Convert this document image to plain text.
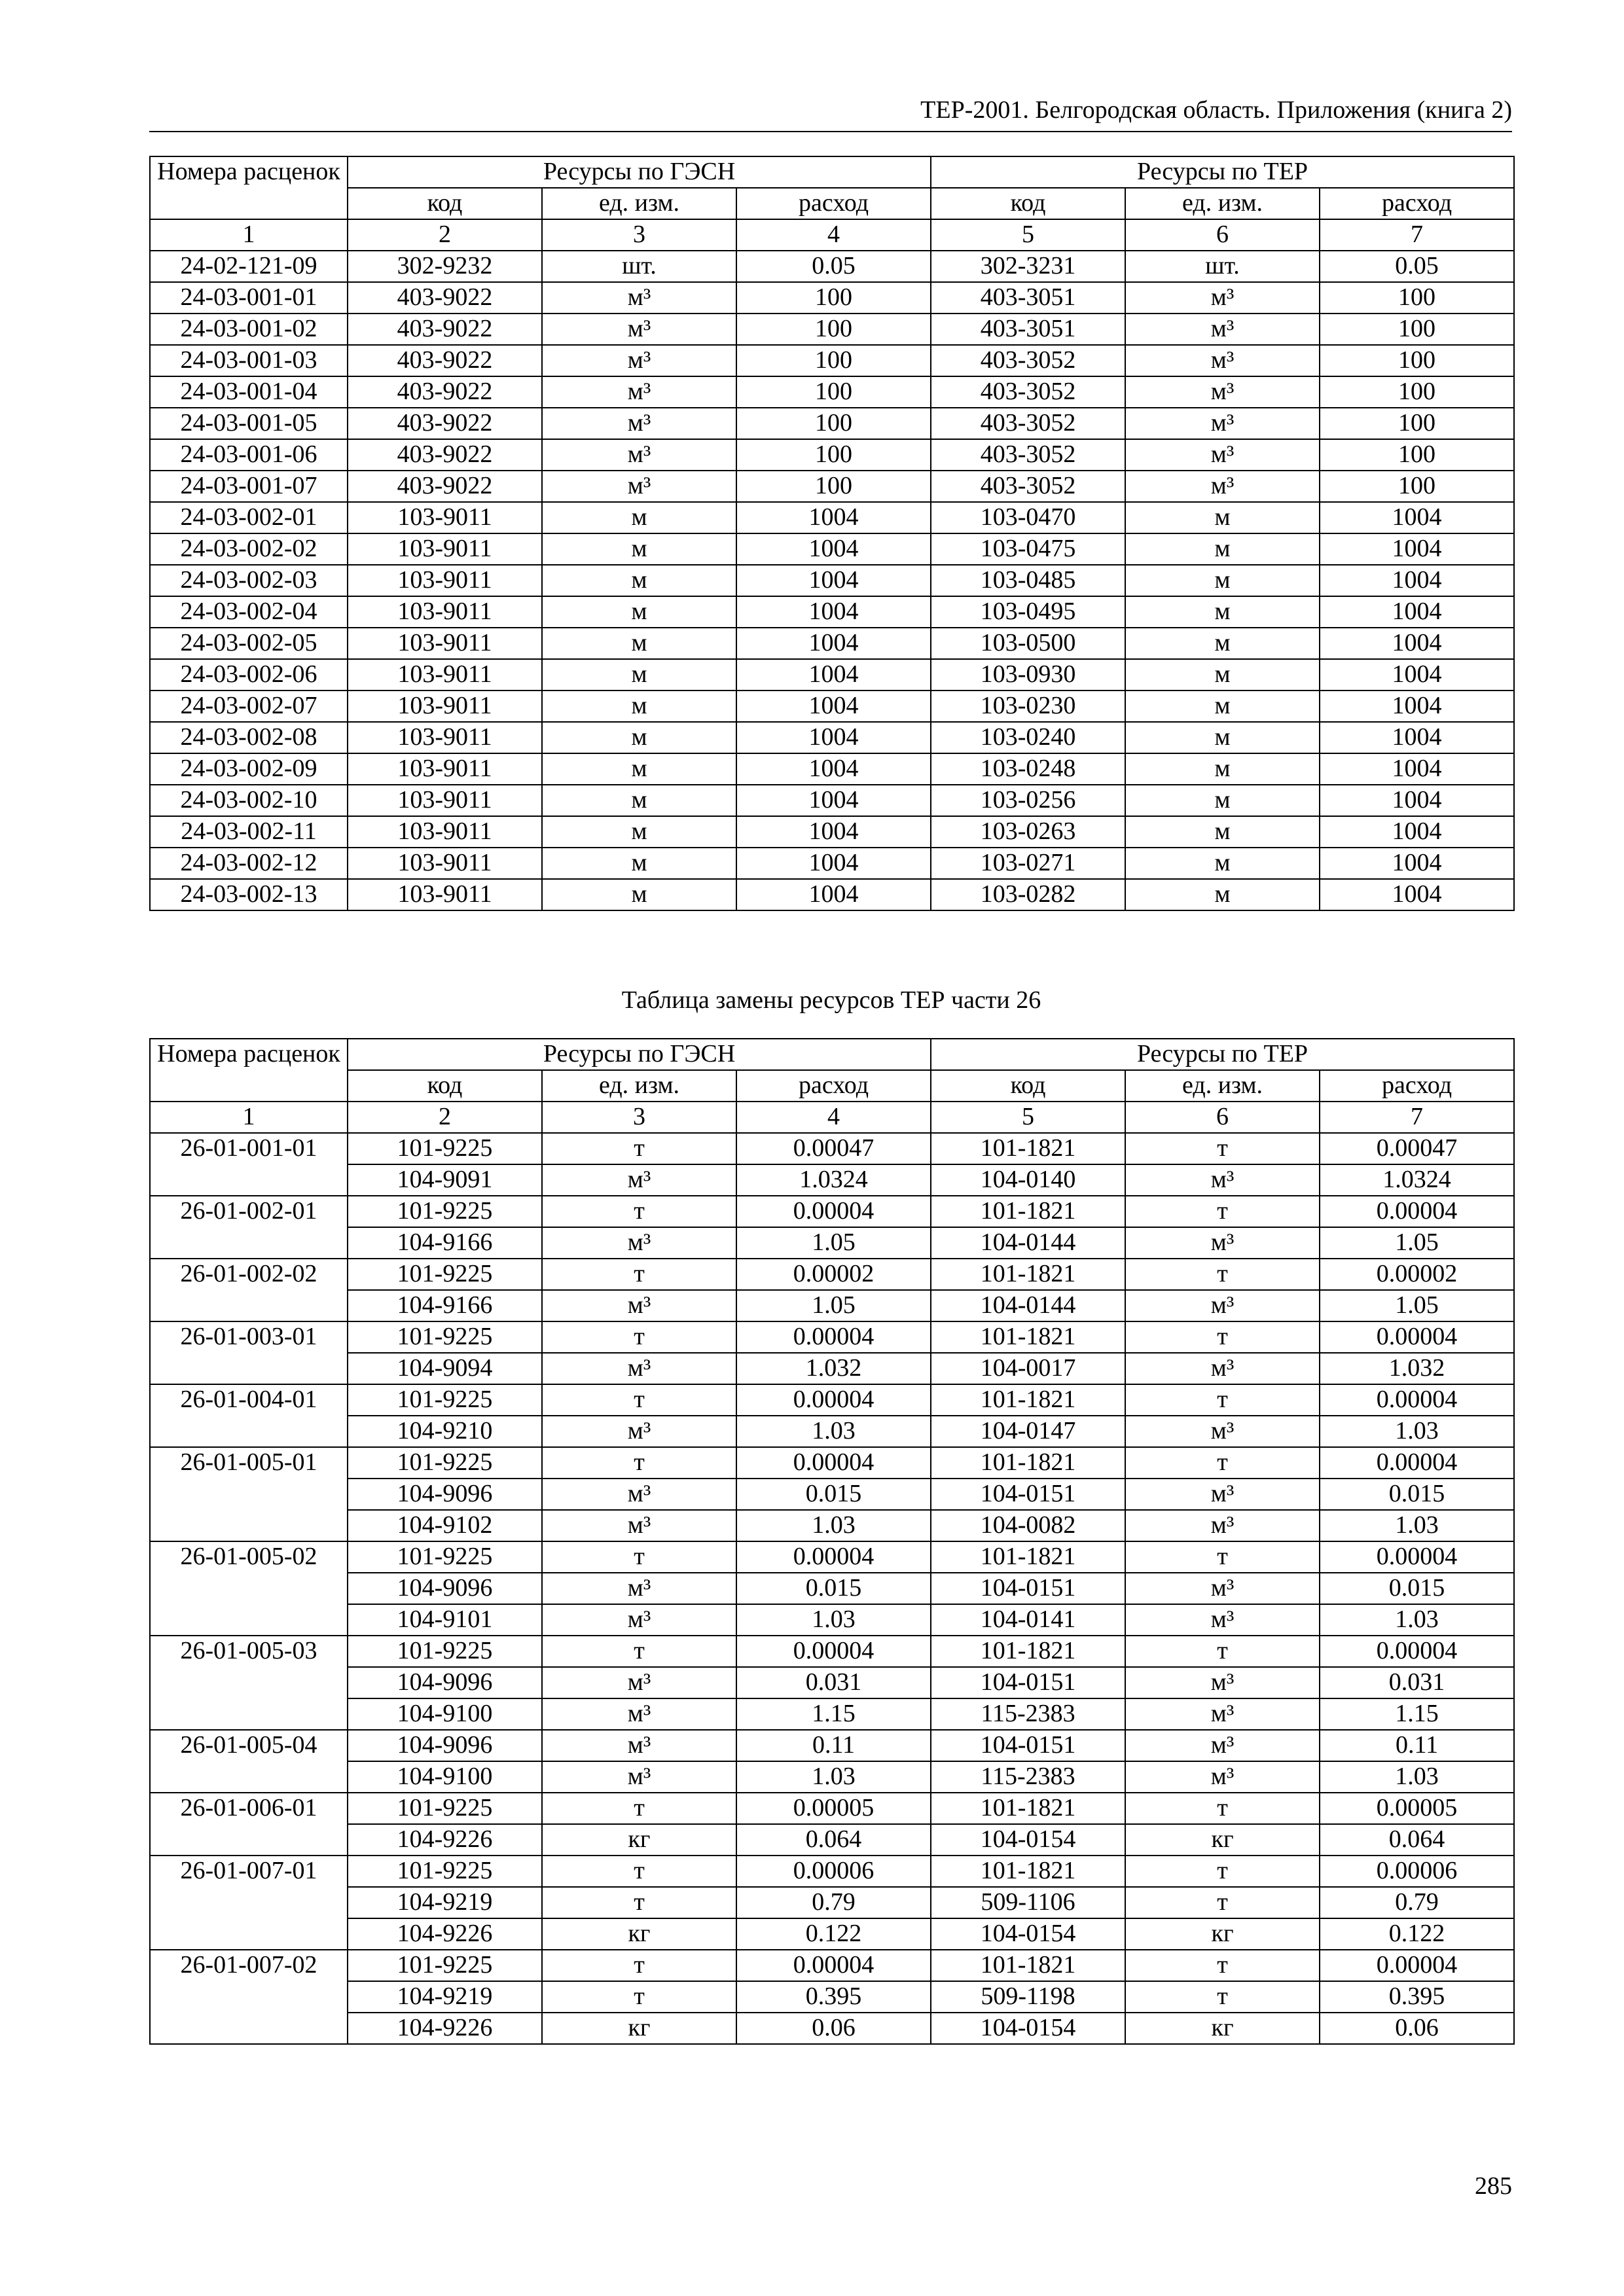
ТЕР-2001. Белгородская область. Приложения (книга 2)
Номера расценок	Ресурсы по ГЭСН			Ресурсы по ТЕР		
	код	ед. изм.	расход	код	ед. изм.	расход
1	2	3	4	5	6	7
24-02-121-09	302-9232	шт.	0.05	302-3231	шт.	0.05
24-03-001-01	403-9022	м³	100	403-3051	м³	100
24-03-001-02	403-9022	м³	100	403-3051	м³	100
24-03-001-03	403-9022	м³	100	403-3052	м³	100
24-03-001-04	403-9022	м³	100	403-3052	м³	100
24-03-001-05	403-9022	м³	100	403-3052	м³	100
24-03-001-06	403-9022	м³	100	403-3052	м³	100
24-03-001-07	403-9022	м³	100	403-3052	м³	100
24-03-002-01	103-9011	м	1004	103-0470	м	1004
24-03-002-02	103-9011	м	1004	103-0475	м	1004
24-03-002-03	103-9011	м	1004	103-0485	м	1004
24-03-002-04	103-9011	м	1004	103-0495	м	1004
24-03-002-05	103-9011	м	1004	103-0500	м	1004
24-03-002-06	103-9011	м	1004	103-0930	м	1004
24-03-002-07	103-9011	м	1004	103-0230	м	1004
24-03-002-08	103-9011	м	1004	103-0240	м	1004
24-03-002-09	103-9011	м	1004	103-0248	м	1004
24-03-002-10	103-9011	м	1004	103-0256	м	1004
24-03-002-11	103-9011	м	1004	103-0263	м	1004
24-03-002-12	103-9011	м	1004	103-0271	м	1004
24-03-002-13	103-9011	м	1004	103-0282	м	1004
Таблица замены ресурсов ТЕР части 26
Номера расценок	Ресурсы по ГЭСН			Ресурсы по ТЕР		
	код	ед. изм.	расход	код	ед. изм.	расход
1	2	3	4	5	6	7
26-01-001-01	101-9225	т	0.00047	101-1821	т	0.00047
	104-9091	м³	1.0324	104-0140	м³	1.0324
26-01-002-01	101-9225	т	0.00004	101-1821	т	0.00004
	104-9166	м³	1.05	104-0144	м³	1.05
26-01-002-02	101-9225	т	0.00002	101-1821	т	0.00002
	104-9166	м³	1.05	104-0144	м³	1.05
26-01-003-01	101-9225	т	0.00004	101-1821	т	0.00004
	104-9094	м³	1.032	104-0017	м³	1.032
26-01-004-01	101-9225	т	0.00004	101-1821	т	0.00004
	104-9210	м³	1.03	104-0147	м³	1.03
26-01-005-01	101-9225	т	0.00004	101-1821	т	0.00004
	104-9096	м³	0.015	104-0151	м³	0.015
	104-9102	м³	1.03	104-0082	м³	1.03
26-01-005-02	101-9225	т	0.00004	101-1821	т	0.00004
	104-9096	м³	0.015	104-0151	м³	0.015
	104-9101	м³	1.03	104-0141	м³	1.03
26-01-005-03	101-9225	т	0.00004	101-1821	т	0.00004
	104-9096	м³	0.031	104-0151	м³	0.031
	104-9100	м³	1.15	115-2383	м³	1.15
26-01-005-04	104-9096	м³	0.11	104-0151	м³	0.11
	104-9100	м³	1.03	115-2383	м³	1.03
26-01-006-01	101-9225	т	0.00005	101-1821	т	0.00005
	104-9226	кг	0.064	104-0154	кг	0.064
26-01-007-01	101-9225	т	0.00006	101-1821	т	0.00006
	104-9219	т	0.79	509-1106	т	0.79
	104-9226	кг	0.122	104-0154	кг	0.122
26-01-007-02	101-9225	т	0.00004	101-1821	т	0.00004
	104-9219	т	0.395	509-1198	т	0.395
	104-9226	кг	0.06	104-0154	кг	0.06
285
